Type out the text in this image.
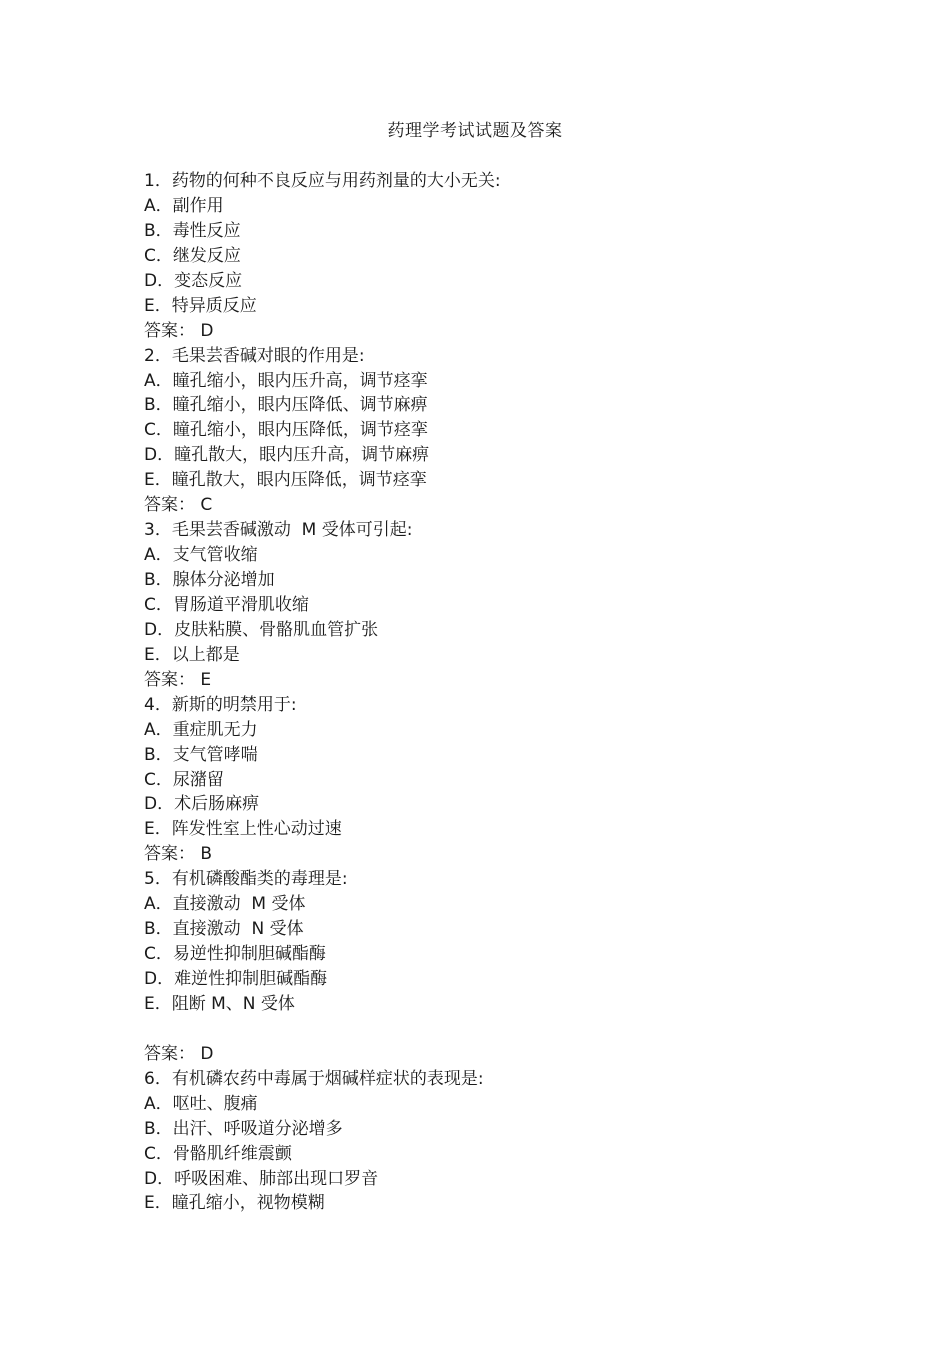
药理学考试试题及答案
1．药物的何种不良反应与用药剂量的大小无关:
A．副作用
B．毒性反应
C．继发反应
D．变态反应
E．特异质反应
答案： D
2．毛果芸香碱对眼的作用是:
A．瞳孔缩小，眼内压升高，调节痉挛
B．瞳孔缩小，眼内压降低、调节麻痹
C．瞳孔缩小，眼内压降低，调节痉挛
D．瞳孔散大，眼内压升高，调节麻痹
E．瞳孔散大，眼内压降低，调节痉挛
答案： C
3．毛果芸香碱激动  M 受体可引起:
A．支气管收缩
B．腺体分泌增加
C．胃肠道平滑肌收缩
D．皮肤粘膜、骨骼肌血管扩张
E．以上都是
答案： E
4．新斯的明禁用于:
A．重症肌无力
B．支气管哮喘
C．尿潴留
D．术后肠麻痹
E．阵发性室上性心动过速
答案： B
5．有机磷酸酯类的毒理是:
A．直接激动  M 受体
B．直接激动  N 受体
C．易逆性抑制胆碱酯酶
D．难逆性抑制胆碱酯酶
E．阻断 M、N 受体
答案： D
6．有机磷农药中毒属于烟碱样症状的表现是:
A．呕吐、腹痛
B．出汗、呼吸道分泌增多
C．骨骼肌纤维震颤
D．呼吸困难、肺部出现口罗音
E．瞳孔缩小，视物模糊
